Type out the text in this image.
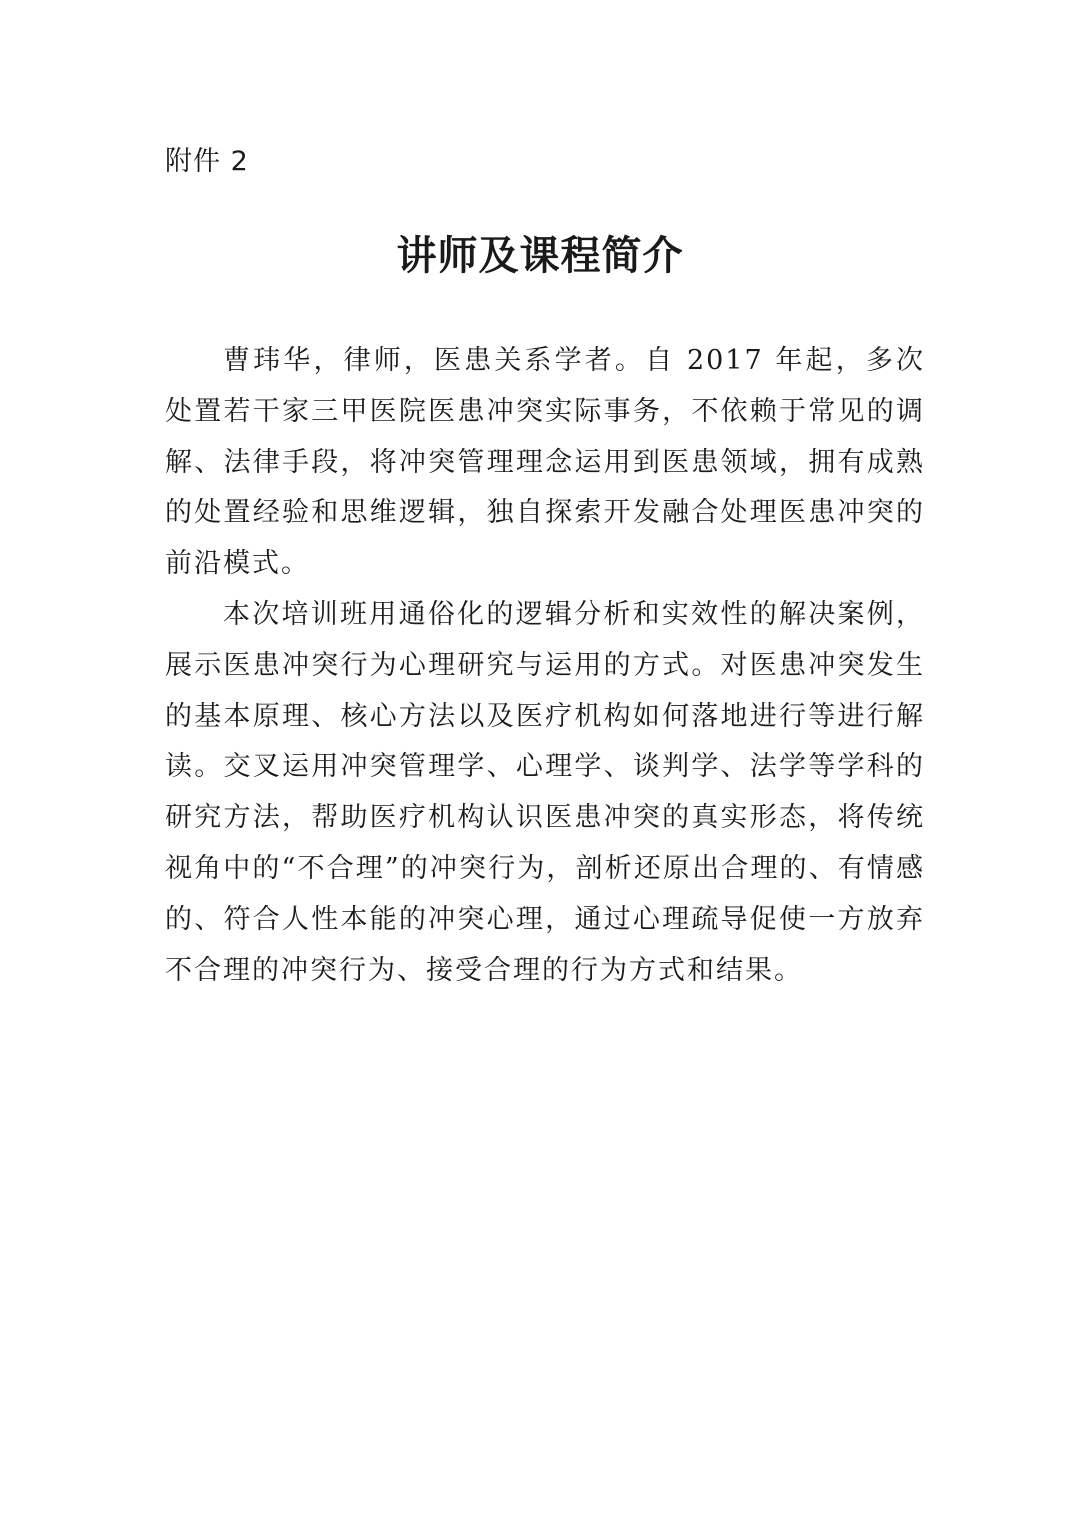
附件 2
讲师及课程简介

曹玮华，律师，医患关系学者。自 2017 年起，多次处置若干家三甲医院医患冲突实际事务，不依赖于常见的调解、法律手段，将冲突管理理念运用到医患领域，拥有成熟的处置经验和思维逻辑，独自探索开发融合处理医患冲突的前沿模式。

本次培训班用通俗化的逻辑分析和实效性的解决案例，展示医患冲突行为心理研究与运用的方式。对医患冲突发生的基本原理、核心方法以及医疗机构如何落地进行等进行解读。交叉运用冲突管理学、心理学、谈判学、法学等学科的研究方法，帮助医疗机构认识医患冲突的真实形态，将传统视角中的“不合理”的冲突行为，剖析还原出合理的、有情感的、符合人性本能的冲突心理，通过心理疏导促使一方放弃不合理的冲突行为、接受合理的行为方式和结果。
